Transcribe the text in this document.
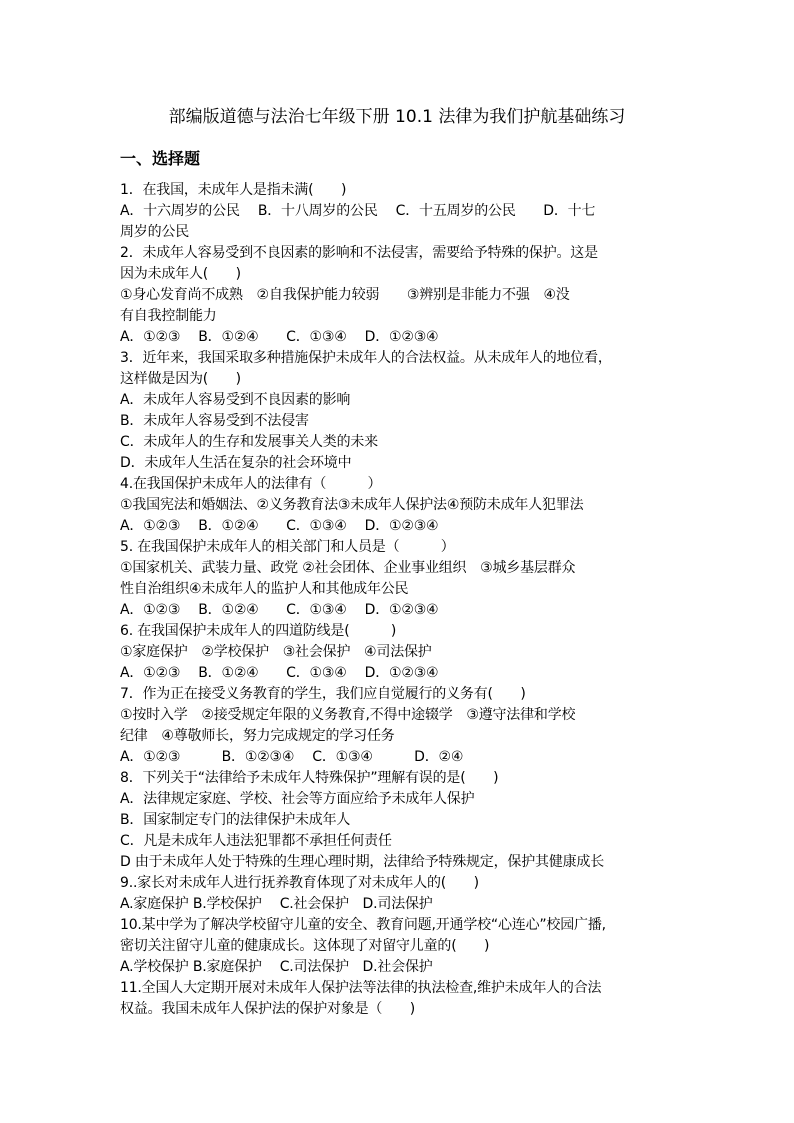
部编版道德与法治七年级下册 10.1 法律为我们护航基础练习
一、选择题
1．在我国，未成年人是指未满(　　)
A．十六周岁的公民　 B．十八周岁的公民　 C．十五周岁的公民　　D．十七
周岁的公民
2．未成年人容易受到不良因素的影响和不法侵害，需要给予特殊的保护。这是
因为未成年人(　　)
①身心发育尚不成熟　②自我保护能力较弱　　③辨别是非能力不强　④没
有自我控制能力
A．①②③　 B．①②④　　C．①③④　 D．①②③④
3．近年来，我国采取多种措施保护未成年人的合法权益。从未成年人的地位看，
这样做是因为(　　)
A．未成年人容易受到不良因素的影响
B．未成年人容易受到不法侵害
C．未成年人的生存和发展事关人类的未来
D．未成年人生活在复杂的社会环境中
4.在我国保护未成年人的法律有（　　　）
①我国宪法和婚姻法、②义务教育法③未成年人保护法④预防未成年人犯罪法
A．①②③　 B．①②④　　C．①③④　 D．①②③④
5. 在我国保护未成年人的相关部门和人员是（　　　）
①国家机关、武装力量、政党 ②社会团体、企业事业组织　③城乡基层群众
性自治组织④未成年人的监护人和其他成年公民
A．①②③　 B．①②④　　C．①③④　 D．①②③④
6. 在我国保护未成年人的四道防线是(　　　)
①家庭保护　②学校保护　③社会保护　④司法保护
A．①②③　 B．①②④　　C．①③④　 D．①②③④
7．作为正在接受义务教育的学生，我们应自觉履行的义务有(　　)
①按时入学　②接受规定年限的义务教育,不得中途辍学　③遵守法律和学校
纪律　④尊敬师长，努力完成规定的学习任务
A．①②③　　　B．①②③④　 C．①③④　　　D．②④
8．下列关于“法律给予未成年人特殊保护”理解有误的是(　　)
A．法律规定家庭、学校、社会等方面应给予未成年人保护
B．国家制定专门的法律保护未成年人
C．凡是未成年人违法犯罪都不承担任何责任
D 由于未成年人处于特殊的生理心理时期，法律给予特殊规定，保护其健康成长
9..家长对未成年人进行抚养教育体现了对未成年人的(　　)
A.家庭保护 B.学校保护　 C.社会保护　D.司法保护
10.某中学为了解决学校留守儿童的安全、教育问题,开通学校“心连心”校园广播,
密切关注留守儿童的健康成长。这体现了对留守儿童的(　　)
A.学校保护 B.家庭保护　 C.司法保护　D.社会保护
11.全国人大定期开展对未成年人保护法等法律的执法检查,维护未成年人的合法
权益。我国未成年人保护法的保护对象是（　　)
